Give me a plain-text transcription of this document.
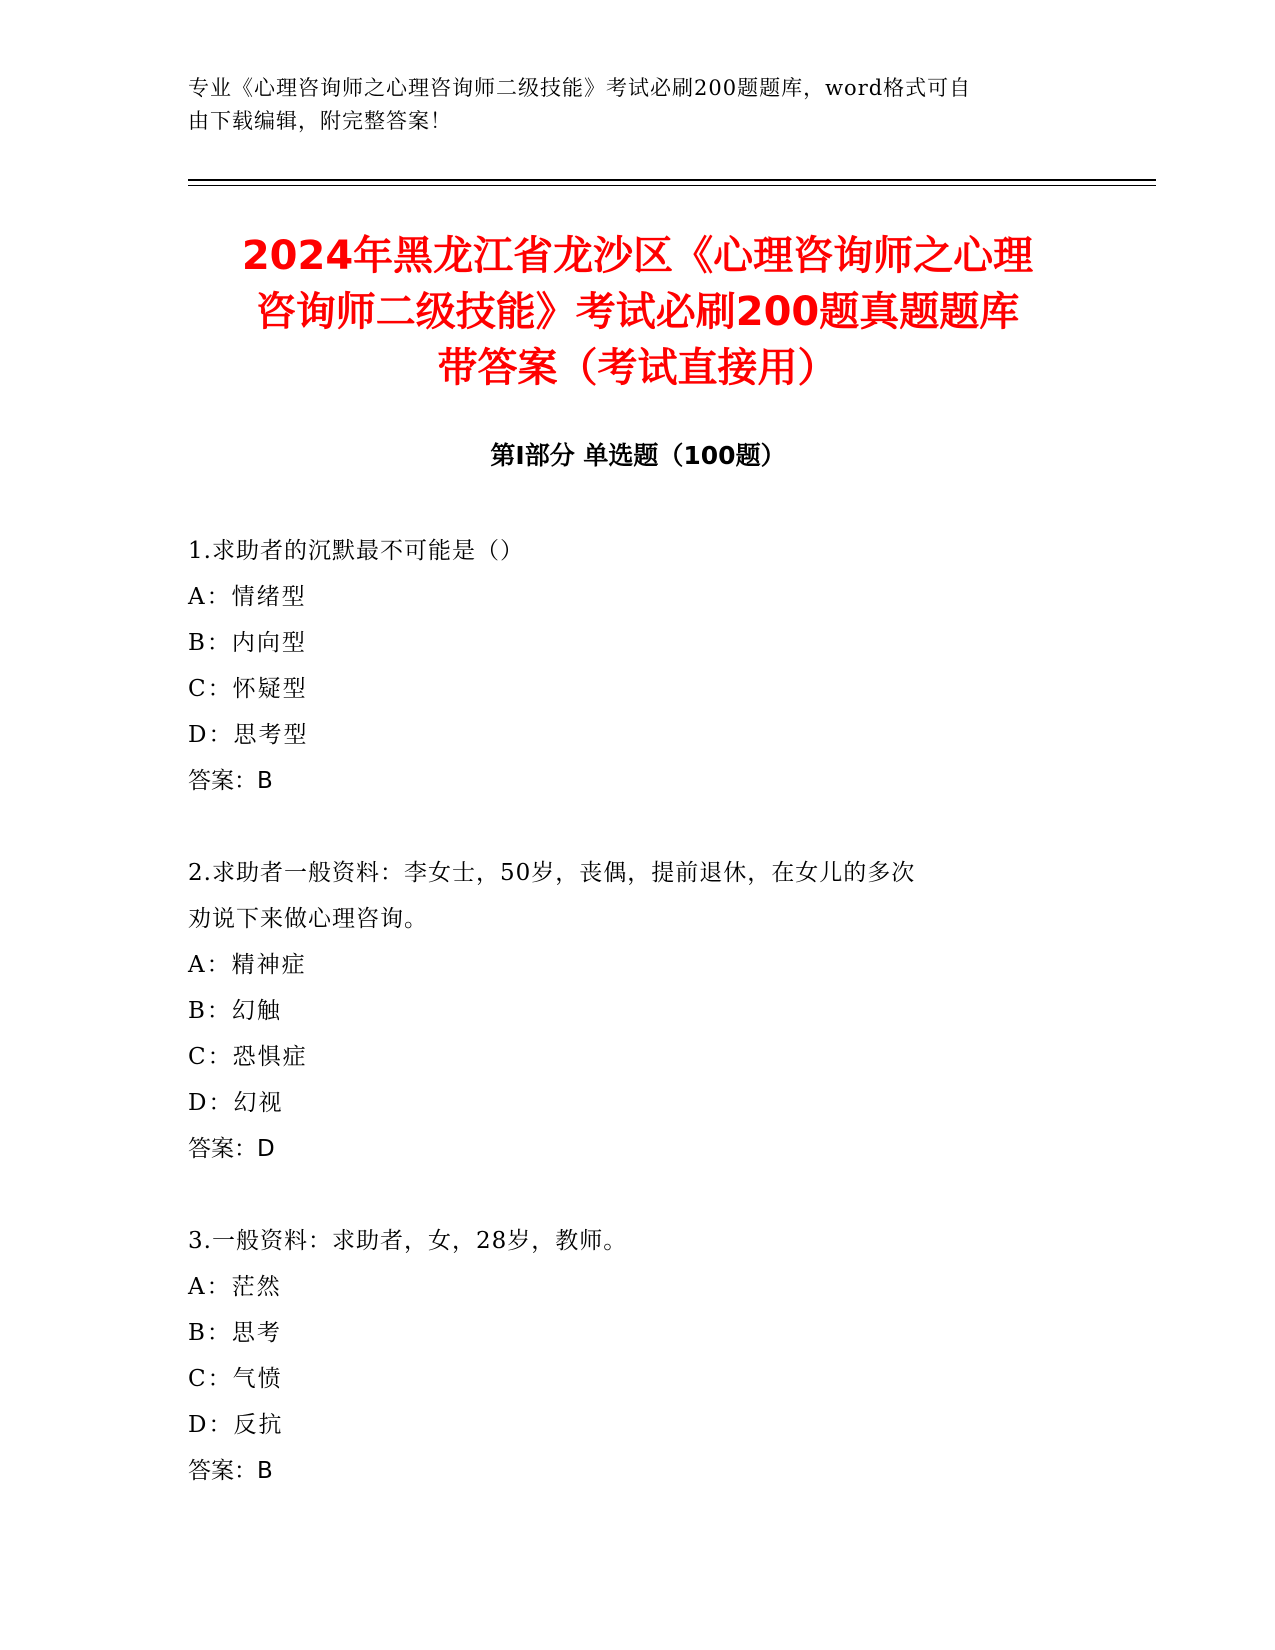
专业《心理咨询师之心理咨询师二级技能》考试必刷200题题库，word格式可自
由下载编辑，附完整答案！
2024年黑龙江省龙沙区《心理咨询师之心理
咨询师二级技能》考试必刷200题真题题库
带答案（考试直接用）
第I部分 单选题（100题）
1.求助者的沉默最不可能是（）
A：情绪型
B：内向型
C：怀疑型
D：思考型
答案：B
2.求助者一般资料：李女士，50岁，丧偶，提前退休，在女儿的多次
劝说下来做心理咨询。
A：精神症
B：幻触
C：恐惧症
D：幻视
答案：D
3.一般资料：求助者，女，28岁，教师。
A：茫然
B：思考
C：气愤
D：反抗
答案：B
